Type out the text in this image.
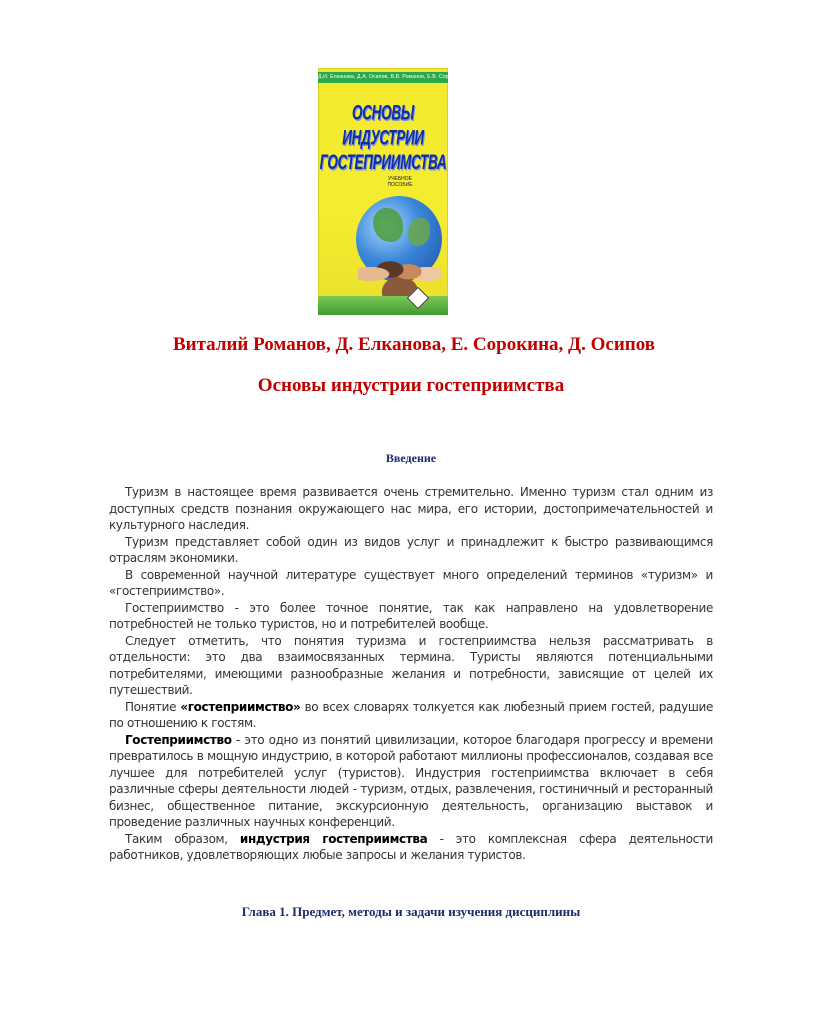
Д.И. Елканова, Д.А. Осипов, В.В. Романов, Е.В. Сорокина
ОСНОВЫ ИНДУСТРИИ
ГОСТЕПРИИМСТВА
УЧЕБНОЕ
ПОСОБИЕ
Виталий Романов, Д. Елканова, Е. Сорокина, Д. Осипов
Основы индустрии гостеприимства
Введение

Туризм в настоящее время развивается очень стремительно. Именно туризм стал одним из доступных средств познания окружающего нас мира, его истории, достопримечательностей и культурного наследия.

Туризм представляет собой один из видов услуг и принадлежит к быстро развивающимся отраслям экономики.

В современной научной литературе существует много определений терминов «туризм» и «гостеприимство».

Гостеприимство - это более точное понятие, так как направлено на удовлетворение потребностей не только туристов, но и потребителей вообще.

Следует отметить, что понятия туризма и гостеприимства нельзя рассматривать в отдельности: это два взаимосвязанных термина. Туристы являются потенциальными потребителями, имеющими разнообразные желания и потребности, зависящие от целей их путешествий.

Понятие «гостеприимство» во всех словарях толкуется как любезный прием гостей, радушие по отношению к гостям.

Гостеприимство - это одно из понятий цивилизации, которое благодаря прогрессу и времени превратилось в мощную индустрию, в которой работают миллионы профессионалов, создавая все лучшее для потребителей услуг (туристов). Индустрия гостеприимства включает в себя различные сферы деятельности людей - туризм, отдых, развлечения, гостиничный и ресторанный бизнес, общественное питание, экскурсионную деятельность, организацию выставок и проведение различных научных конференций.

Таким образом, индустрия гостеприимства - это комплексная сфера деятельности работников, удовлетворяющих любые запросы и желания туристов.

Глава 1. Предмет, методы и задачи изучения дисциплины
